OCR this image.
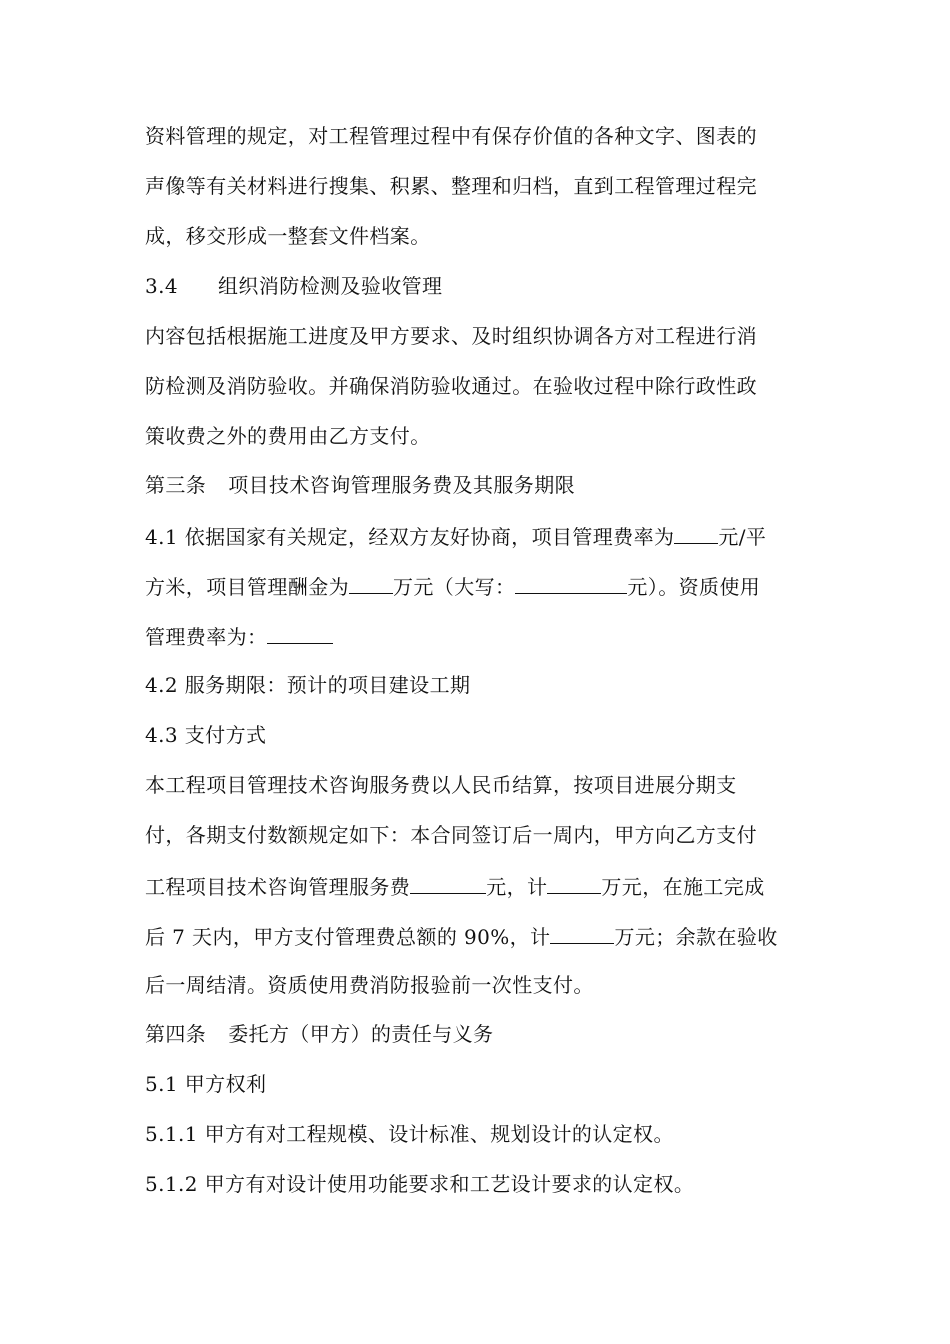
资料管理的规定，对工程管理过程中有保存价值的各种文字、图表的

声像等有关材料进行搜集、积累、整理和归档，直到工程管理过程完

成，移交形成一整套文件档案。

3.4 组织消防检测及验收管理

内容包括根据施工进度及甲方要求、及时组织协调各方对工程进行消

防检测及消防验收。并确保消防验收通过。在验收过程中除行政性政

策收费之外的费用由乙方支付。

第三条 项目技术咨询管理服务费及其服务期限

4.1 依据国家有关规定，经双方友好协商，项目管理费率为 元/平

方米，项目管理酬金为 万元（大写：	元）。资质使用

管理费率为：

4.2 服务期限：预计的项目建设工期

4.3 支付方式

本工程项目管理技术咨询服务费以人民币结算，按项目进展分期支

付，各期支付数额规定如下：本合同签订后一周内，甲方向乙方支付

工程项目技术咨询管理服务费	元，计	万元，在施工完成

后 7 天内，甲方支付管理费总额的 90%，计	万元；余款在验收

后一周结清。资质使用费消防报验前一次性支付。

第四条 委托方（甲方）的责任与义务

5.1 甲方权利

5.1.1 甲方有对工程规模、设计标准、规划设计的认定权。

5.1.2 甲方有对设计使用功能要求和工艺设计要求的认定权。
